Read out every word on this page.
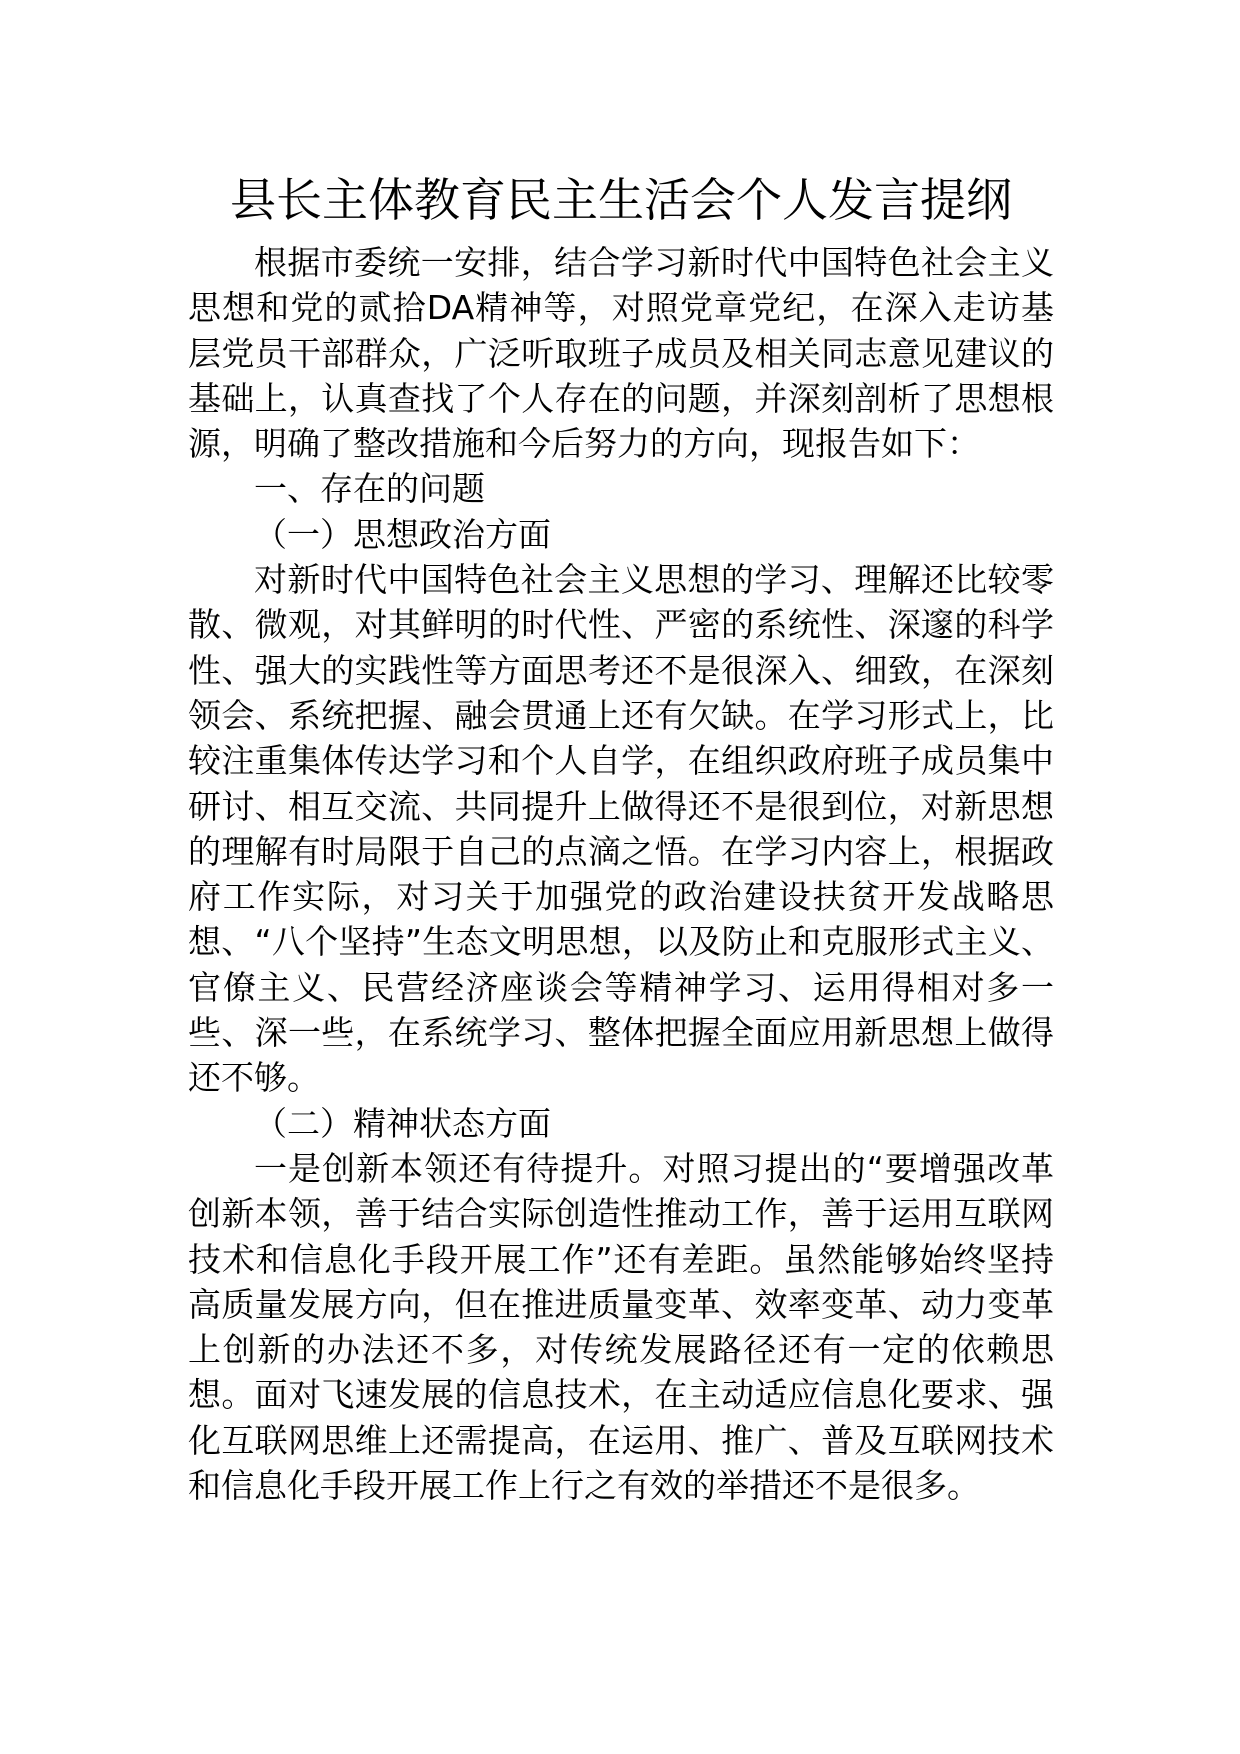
县长主体教育民主生活会个人发言提纲

根据市委统一安排，结合学习新时代中国特色社会主义思想和党的贰拾DA精神等，对照党章党纪，在深入走访基层党员干部群众，广泛听取班子成员及相关同志意见建议的基础上，认真查找了个人存在的问题，并深刻剖析了思想根源，明确了整改措施和今后努力的方向，现报告如下：

一、存在的问题

（一）思想政治方面

对新时代中国特色社会主义思想的学习、理解还比较零散、微观，对其鲜明的时代性、严密的系统性、深邃的科学性、强大的实践性等方面思考还不是很深入、细致，在深刻领会、系统把握、融会贯通上还有欠缺。在学习形式上，比较注重集体传达学习和个人自学，在组织政府班子成员集中研讨、相互交流、共同提升上做得还不是很到位，对新思想的理解有时局限于自己的点滴之悟。在学习内容上，根据政府工作实际，对习关于加强党的政治建设扶贫开发战略思想、“八个坚持”生态文明思想，以及防止和克服形式主义、官僚主义、民营经济座谈会等精神学习、运用得相对多一些、深一些，在系统学习、整体把握全面应用新思想上做得还不够。

（二）精神状态方面

一是创新本领还有待提升。对照习提出的“要增强改革创新本领，善于结合实际创造性推动工作，善于运用互联网技术和信息化手段开展工作”还有差距。虽然能够始终坚持高质量发展方向，但在推进质量变革、效率变革、动力变革上创新的办法还不多，对传统发展路径还有一定的依赖思想。面对飞速发展的信息技术，在主动适应信息化要求、强化互联网思维上还需提高，在运用、推广、普及互联网技术和信息化手段开展工作上行之有效的举措还不是很多。
